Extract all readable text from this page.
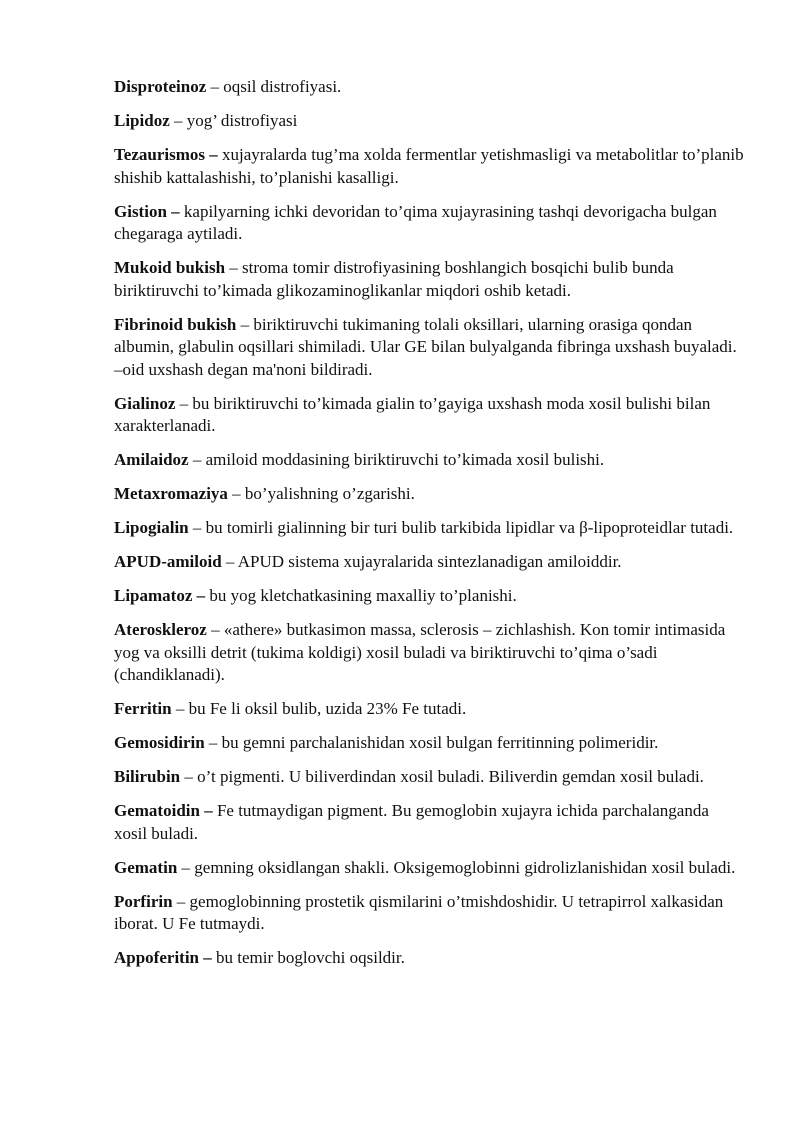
Disproteinoz – oqsil distrofiyasi.

Lipidoz – yog’ distrofiyasi

Tezaurismos – xujayralarda tug’ma xolda fermentlar yetishmasligi va metabolitlar to’planib shishib kattalashishi, to’planishi kasalligi.

Gistion – kapilyarning ichki devoridan to’qima xujayrasining tashqi devorigacha bulgan chegaraga aytiladi.

Mukoid bukish – stroma tomir distrofiyasining boshlangich bosqichi bulib bunda biriktiruvchi to’kimada glikozaminoglikanlar miqdori oshib ketadi.

Fibrinoid bukish – biriktiruvchi tukimaning tolali oksillari, ularning orasiga qondan albumin, glabulin oqsillari shimiladi. Ular GE bilan bulyalganda fibringa uxshash buyaladi. –oid uxshash degan ma'noni bildiradi.

Gialinoz – bu biriktiruvchi to’kimada gialin to’gayiga uxshash moda xosil bulishi bilan xarakterlanadi.

Amilaidoz – amiloid moddasining biriktiruvchi to’kimada xosil bulishi.

Metaxromaziya – bo’yalishning o’zgarishi.

Lipogialin – bu tomirli gialinning bir turi bulib tarkibida lipidlar va β-lipoproteidlar tutadi.

APUD-amiloid – APUD sistema xujayralarida sintezlanadigan amiloiddir.

Lipamatoz – bu yog kletchatkasining maxalliy to’planishi.

Ateroskleroz – «athere» butkasimon massa, sclerosis – zichlashish. Kon tomir intimasida yog va oksilli detrit (tukima koldigi) xosil buladi va biriktiruvchi to’qima o’sadi (chandiklanadi).

Ferritin – bu Fe li oksil bulib, uzida 23% Fe tutadi.

Gemosidirin – bu gemni parchalanishidan xosil bulgan ferritinning polimeridir.

Bilirubin – o’t pigmenti. U biliverdindan xosil buladi. Biliverdin gemdan xosil buladi.

Gematoidin – Fe tutmaydigan pigment. Bu gemoglobin xujayra ichida parchalanganda xosil buladi.

Gematin – gemning oksidlangan shakli. Oksigemoglobinni gidrolizlanishidan xosil buladi.

Porfirin – gemoglobinning prostetik qismilarini o’tmishdoshidir. U tetrapirrol xalkasidan iborat. U Fe tutmaydi.

Appoferitin – bu temir boglovchi oqsildir.
